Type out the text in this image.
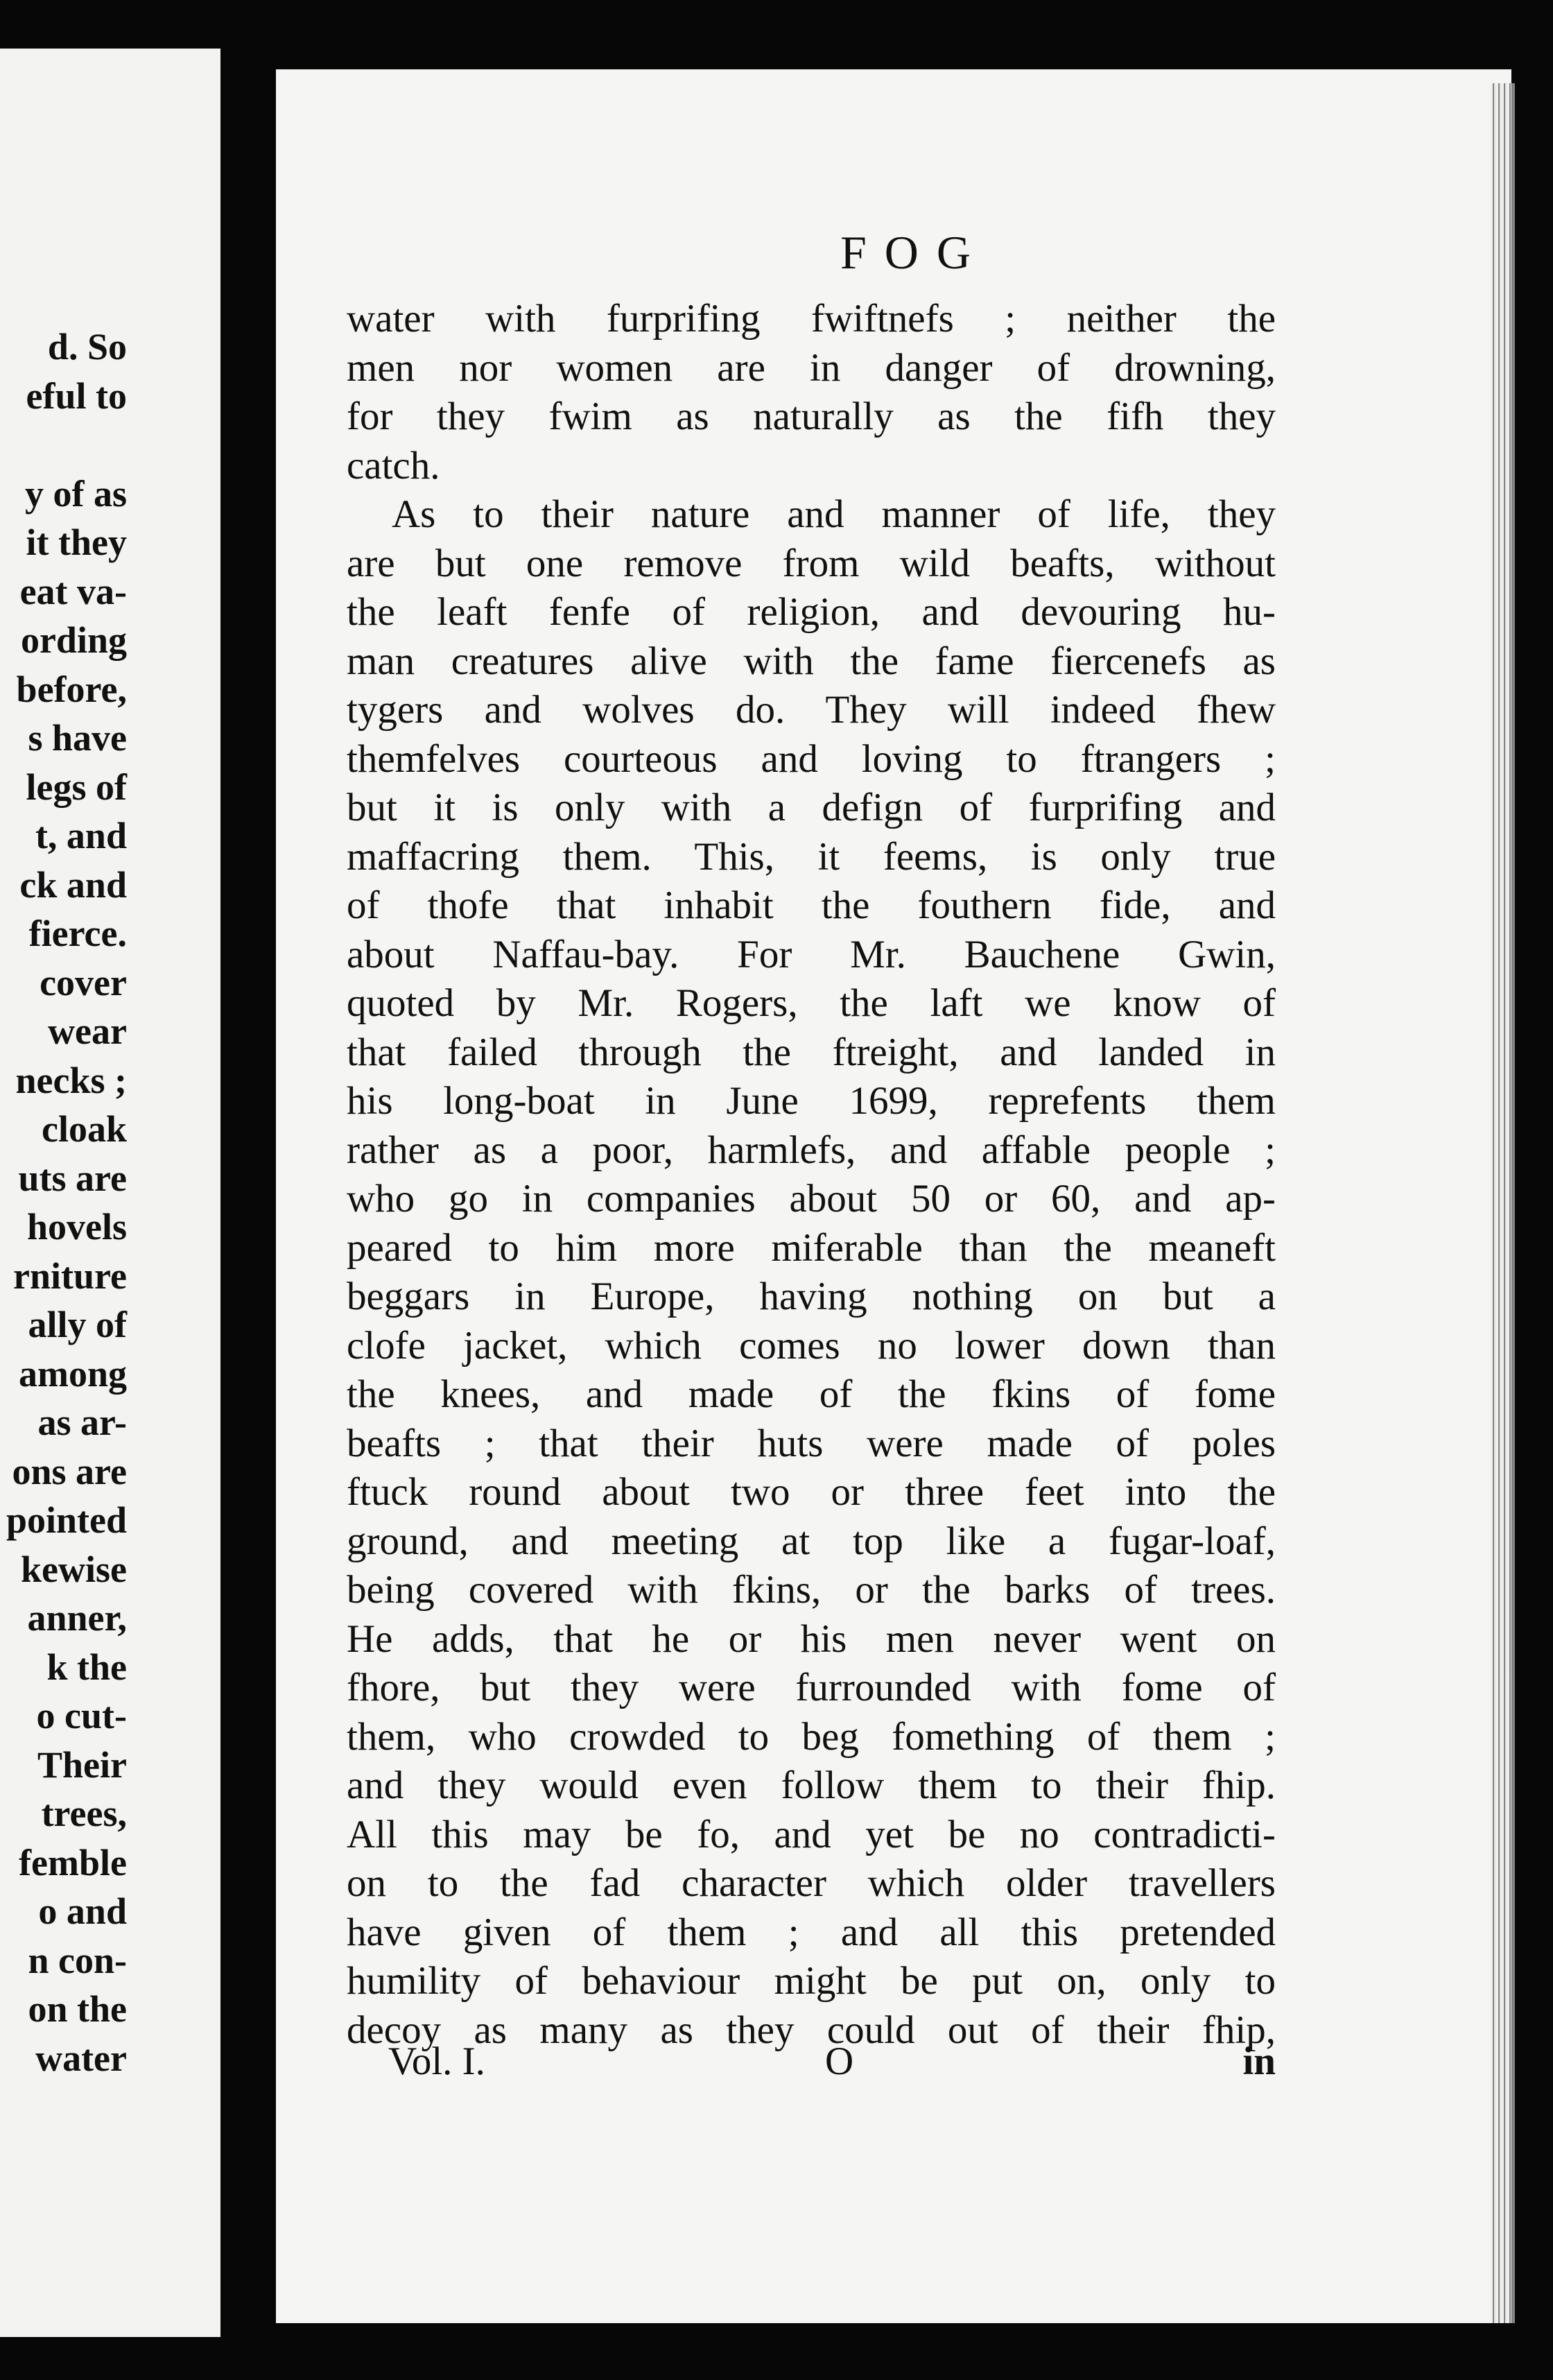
d. So
eful to
y of as
it they
eat va-
ording
before,
s have
legs of
t, and
ck and
fierce.
cover
wear
necks ;
cloak
uts are
hovels
rniture
ally of
among
as ar-
ons are
pointed
kewise
anner,
k the
o cut-
Their
trees,
femble
o and
n con-
on the
water
FOG
water with furprifing fwiftnefs ; neither the
men nor women are in danger of drowning,
for they fwim as naturally as the fifh they
catch.
As to their nature and manner of life, they
are but one remove from wild beafts, without
the leaft fenfe of religion, and devouring hu-
man creatures alive with the fame fiercenefs as
tygers and wolves do. They will indeed fhew
themfelves courteous and loving to ftrangers ;
but it is only with a defign of furprifing and
maffacring them. This, it feems, is only true
of thofe that inhabit the fouthern fide, and
about Naffau-bay. For Mr. Bauchene Gwin,
quoted by Mr. Rogers, the laft we know of
that failed through the ftreight, and landed in
his long-boat in June 1699, reprefents them
rather as a poor, harmlefs, and affable people ;
who go in companies about 50 or 60, and ap-
peared to him more miferable than the meaneft
beggars in Europe, having nothing on but a
clofe jacket, which comes no lower down than
the knees, and made of the fkins of fome
beafts ; that their huts were made of poles
ftuck round about two or three feet into the
ground, and meeting at top like a fugar-loaf,
being covered with fkins, or the barks of trees.
He adds, that he or his men never went on
fhore, but they were furrounded with fome of
them, who crowded to beg fomething of them ;
and they would even follow them to their fhip.
All this may be fo, and yet be no contradicti-
on to the fad character which older travellers
have given of them ; and all this pretended
humility of behaviour might be put on, only to
decoy as many as they could out of their fhip,
Vol. I.	O	in
